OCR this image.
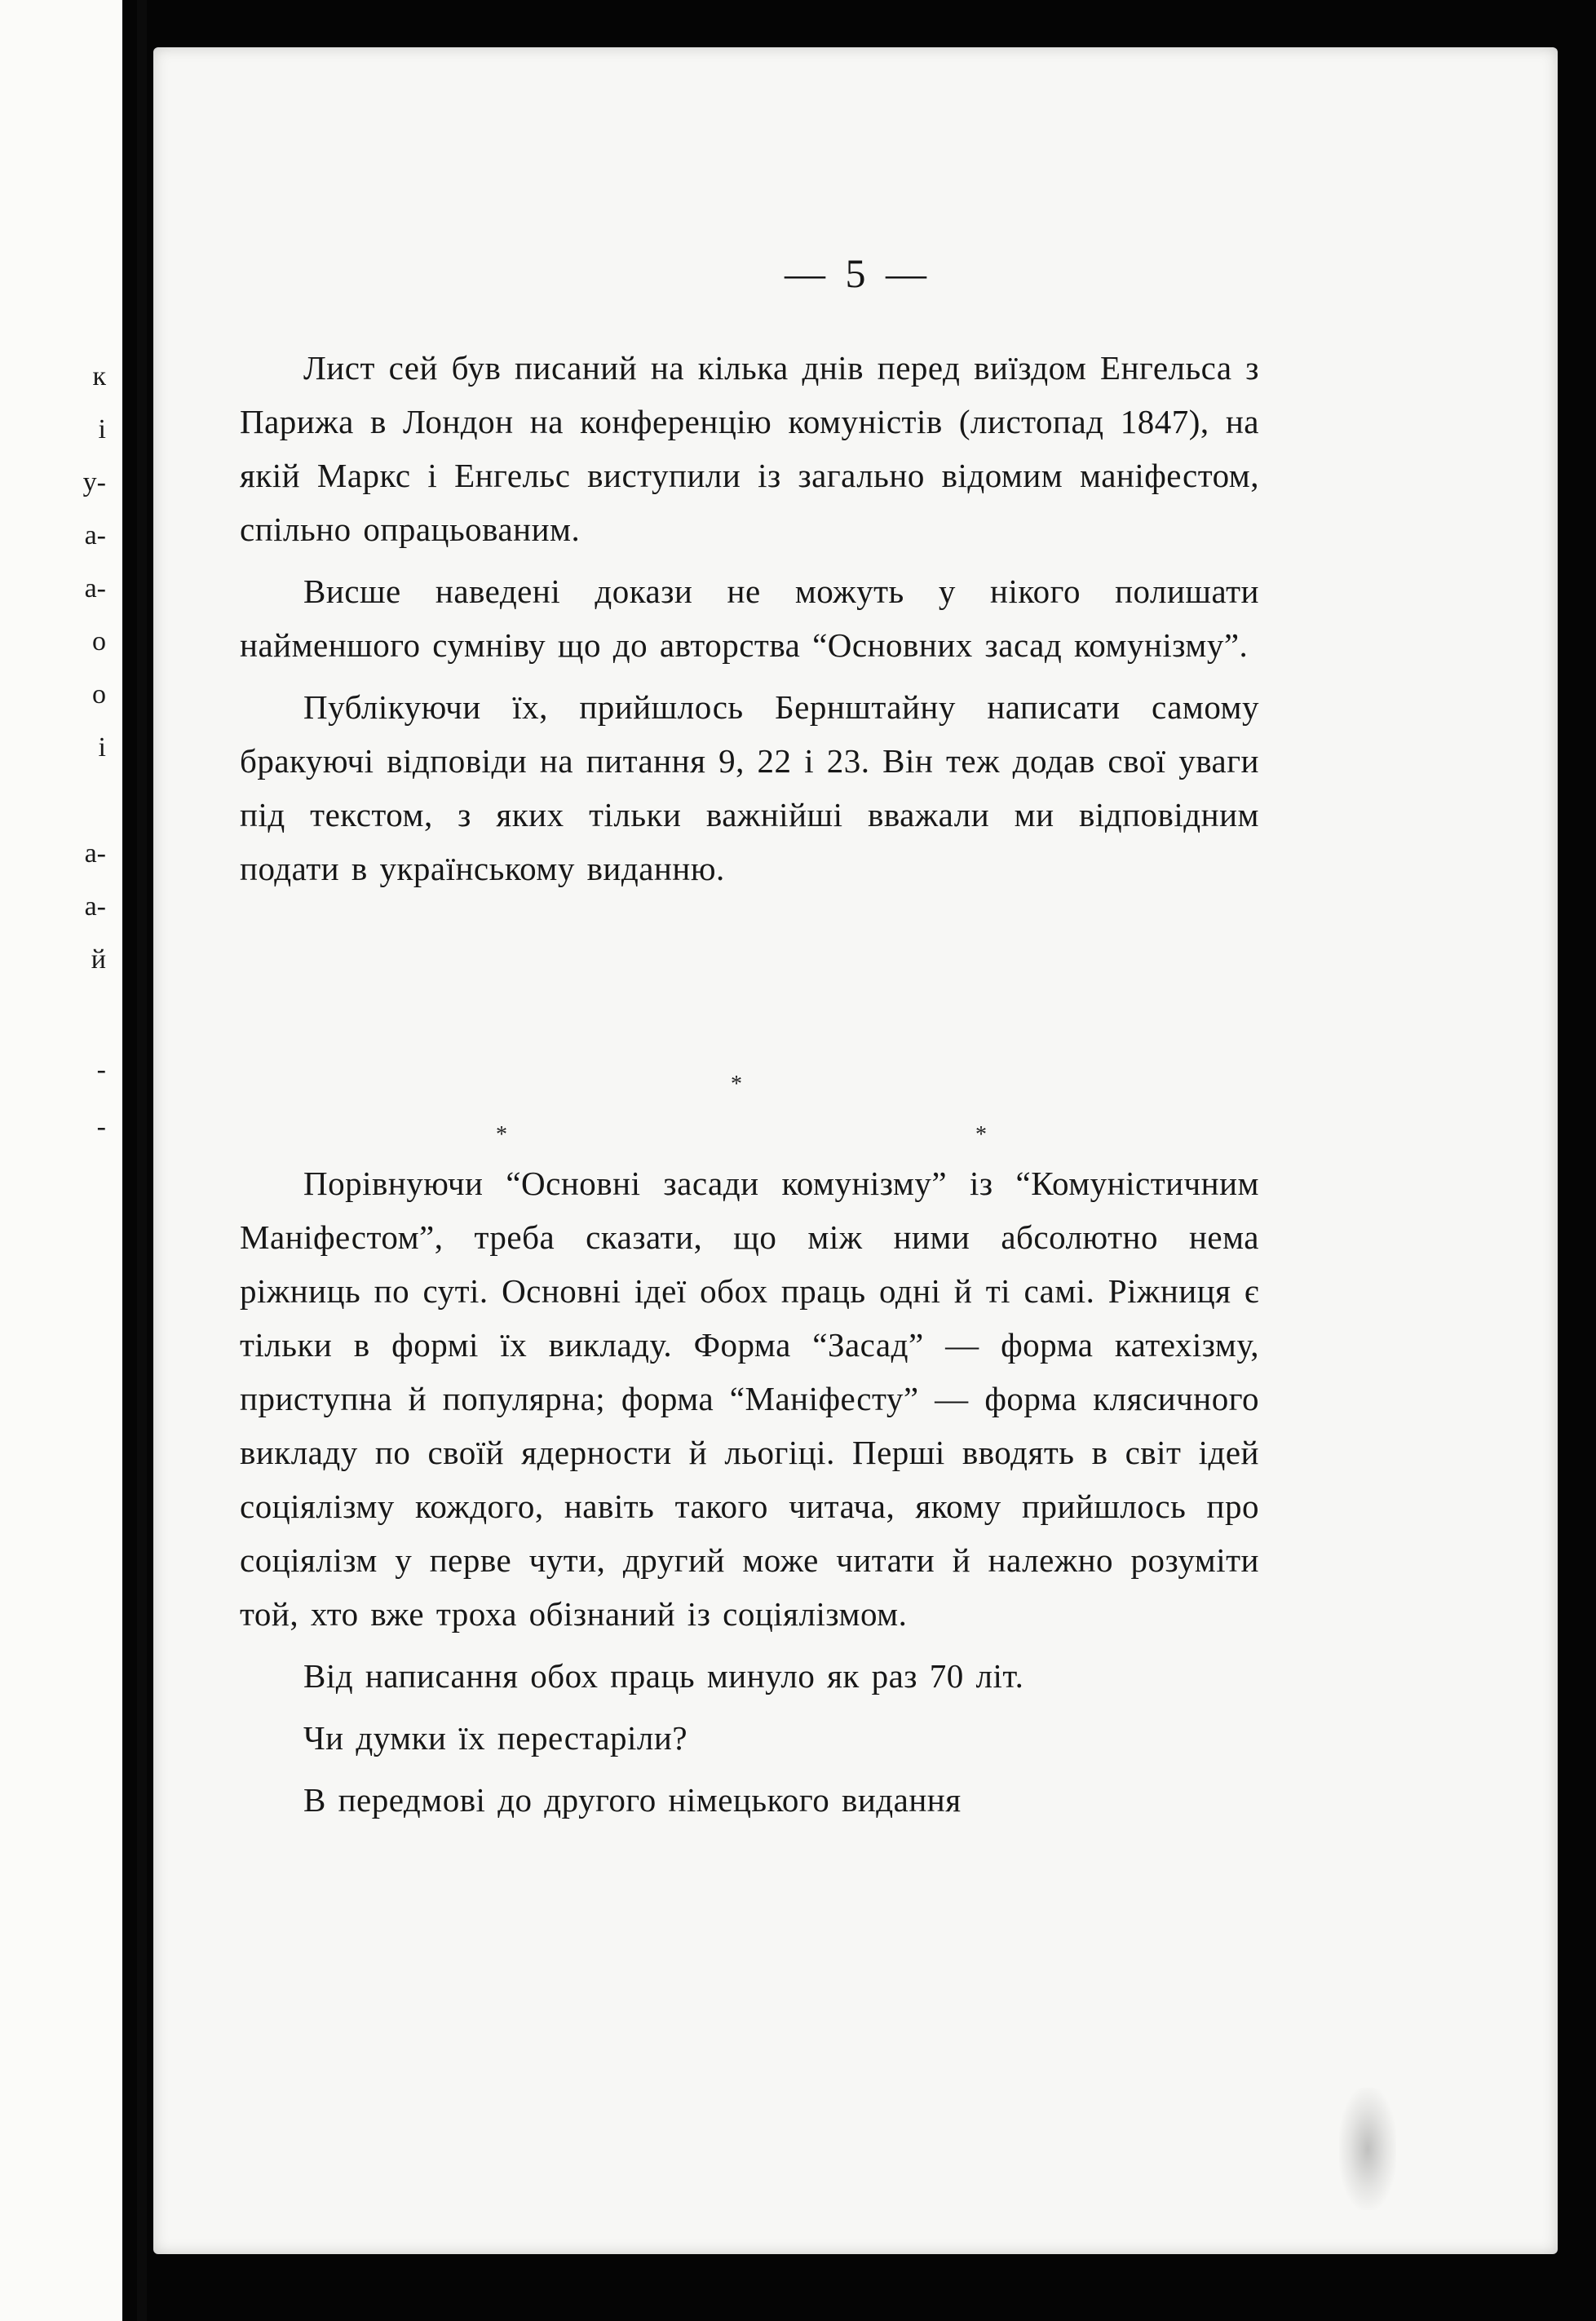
к
і
у-
а-
а-
о
о
і
а-
а-
й
-
-
— 5 —

Лист сей був писаний на кілька днів перед виїздом Енгельса з Парижа в Лондон на конференцію комуністів (листопад 1847), на якій Маркс і Енгельс виступили із загально відомим маніфестом, спільно опрацьованим.

Висше наведені докази не можуть у нікого полишати найменшого сумніву що до авторства “Основних засад комунізму”.

Публікуючи їх, прийшлось Бернштайну написати самому бракуючі відповіди на питання 9, 22 і 23. Він теж додав свої уваги під текстом, з яких тільки важнійші вважали ми відповідним подати в українському виданню.

*
*	*

Порівнуючи “Основні засади комунізму” із “Комуністичним Маніфестом”, треба сказати, що між ними абсолютно нема ріжниць по суті. Основні ідеї обох праць одні й ті самі. Ріжниця є тільки в формі їх викладу. Форма “Засад” — форма катехізму, приступна й популярна; форма “Маніфесту” — форма клясичного викладу по своїй ядерности й льогіці. Перші вводять в світ ідей соціялізму кождого, навіть такого читача, якому прийшлось про соціялізм у перве чути, другий може читати й належно розуміти той, хто вже троха обізнаний із соціялізмом.

Від написання обох праць минуло як раз 70 літ.

Чи думки їх перестаріли?

В передмові до другого німецького видання
